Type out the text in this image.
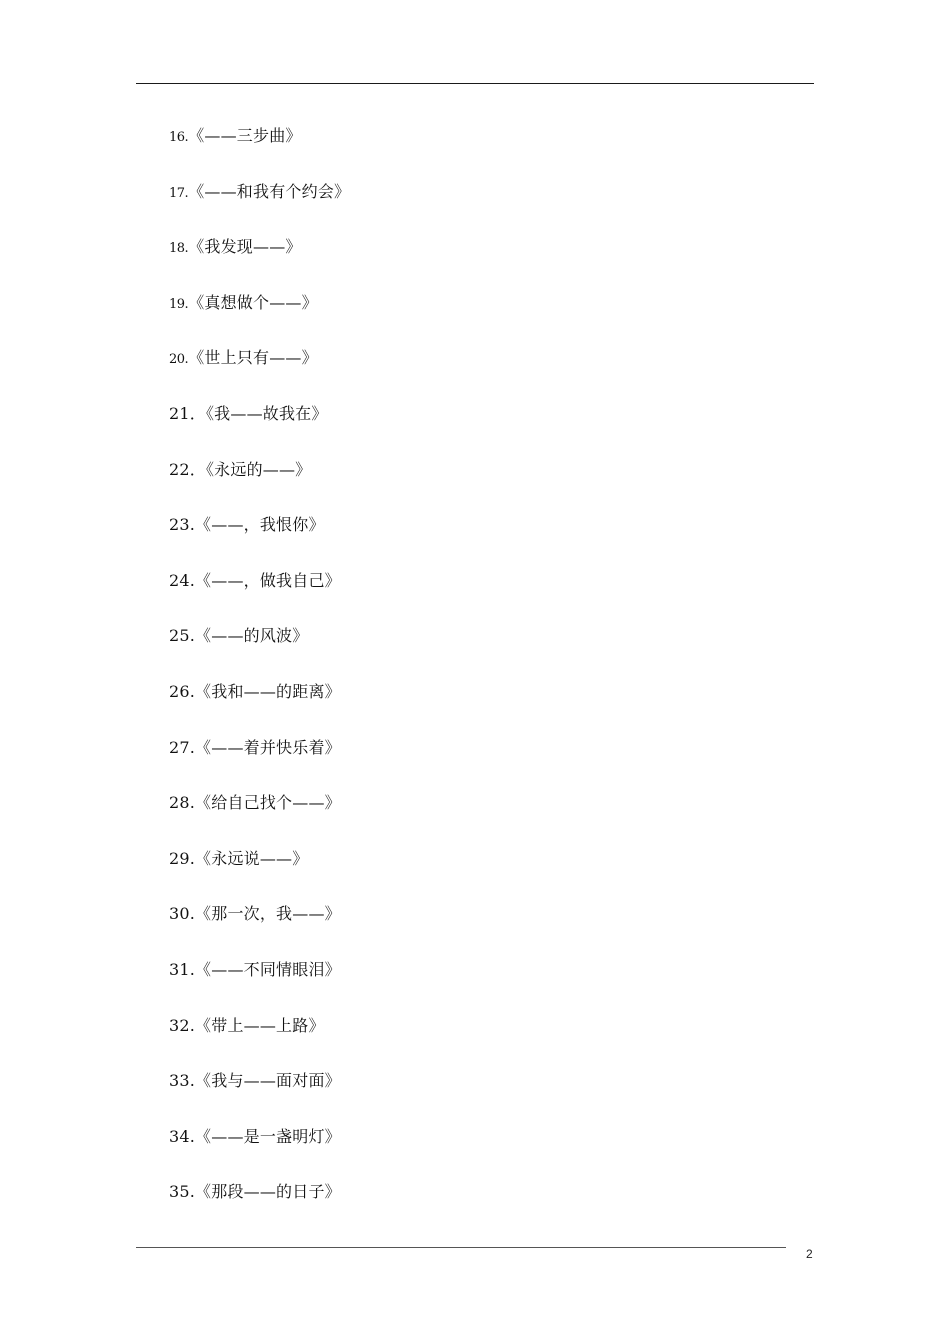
16.《——三步曲》
17.《——和我有个约会》
18.《我发现——》
19.《真想做个——》
20.《世上只有——》
21．《我——故我在》
22．《永远的——》
23.《——，我恨你》
24.《——，做我自己》
25.《——的风波》
26.《我和——的距离》
27.《——着并快乐着》
28.《给自己找个——》
29.《永远说——》
30.《那一次，我——》
31.《——不同情眼泪》
32.《带上——上路》
33.《我与——面对面》
34.《——是一盏明灯》
35.《那段——的日子》
2
